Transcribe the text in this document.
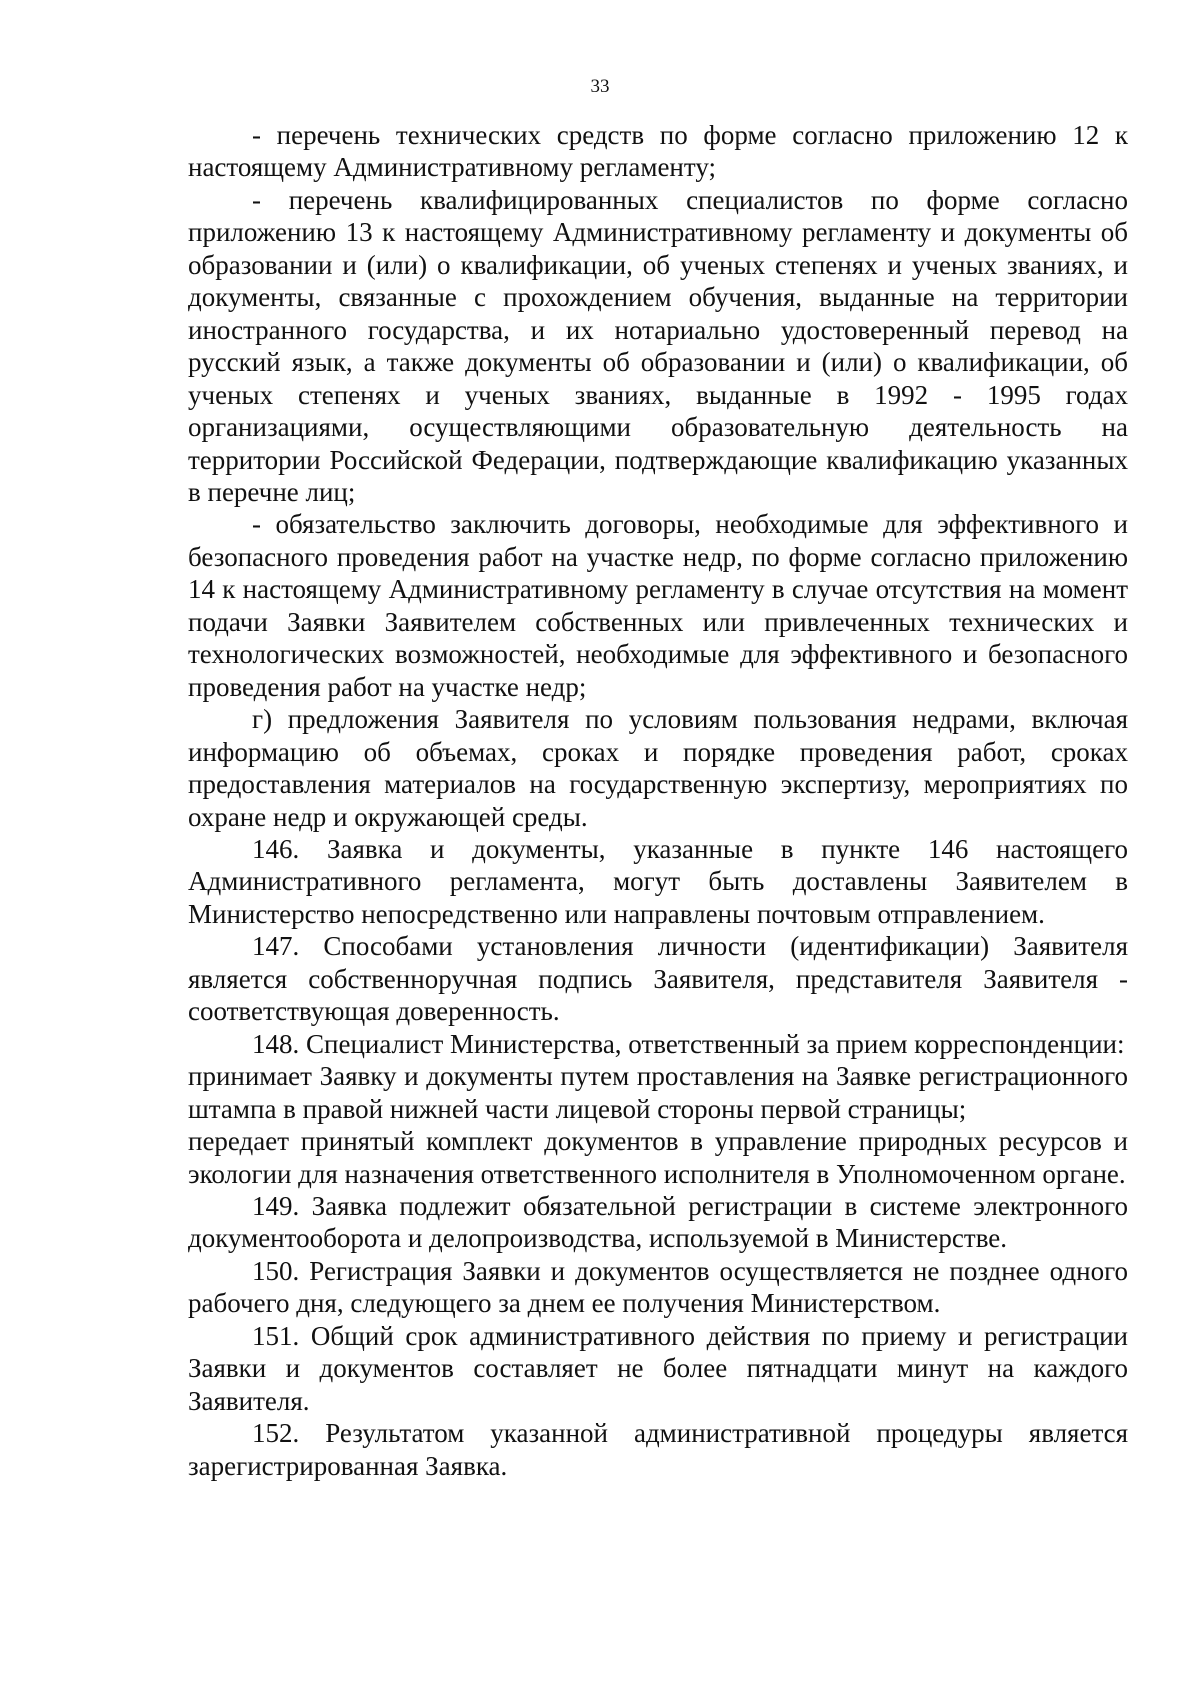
33

- перечень технических средств по форме согласно приложению 12 к настоящему Административному регламенту;

- перечень квалифицированных специалистов по форме согласно приложению 13 к настоящему Административному регламенту и документы об образовании и (или) о квалификации, об ученых степенях и ученых званиях, и документы, связанные с прохождением обучения, выданные на территории иностранного государства, и их нотариально удостоверенный перевод на русский язык, а также документы об образовании и (или) о квалификации, об ученых степенях и ученых званиях, выданные в 1992 - 1995 годах организациями, осуществляющими образовательную деятельность на территории Российской Федерации, подтверждающие квалификацию указанных в перечне лиц;

- обязательство заключить договоры, необходимые для эффективного и безопасного проведения работ на участке недр, по форме согласно приложению 14 к настоящему Административному регламенту в случае отсутствия на момент подачи Заявки Заявителем собственных или привлеченных технических и технологических возможностей, необходимые для эффективного и безопасного проведения работ на участке недр;

г) предложения Заявителя по условиям пользования недрами, включая информацию об объемах, сроках и порядке проведения работ, сроках предоставления материалов на государственную экспертизу, мероприятиях по охране недр и окружающей среды.

146. Заявка и документы, указанные в пункте 146 настоящего Административного регламента, могут быть доставлены Заявителем в Министерство непосредственно или направлены почтовым отправлением.

147. Способами установления личности (идентификации) Заявителя является собственноручная подпись Заявителя, представителя Заявителя - соответствующая доверенность.

148. Специалист Министерства, ответственный за прием корреспонденции:

принимает Заявку и документы путем проставления на Заявке регистрационного штампа в правой нижней части лицевой стороны первой страницы;

передает принятый комплект документов в управление природных ресурсов и экологии для назначения ответственного исполнителя в Уполномоченном органе.

149. Заявка подлежит обязательной регистрации в системе электронного документооборота и делопроизводства, используемой в Министерстве.

150. Регистрация Заявки и документов осуществляется не позднее одного рабочего дня, следующего за днем ее получения Министерством.

151. Общий срок административного действия по приему и регистрации Заявки и документов составляет не более пятнадцати минут на каждого Заявителя.

152. Результатом указанной административной процедуры является зарегистрированная Заявка.
